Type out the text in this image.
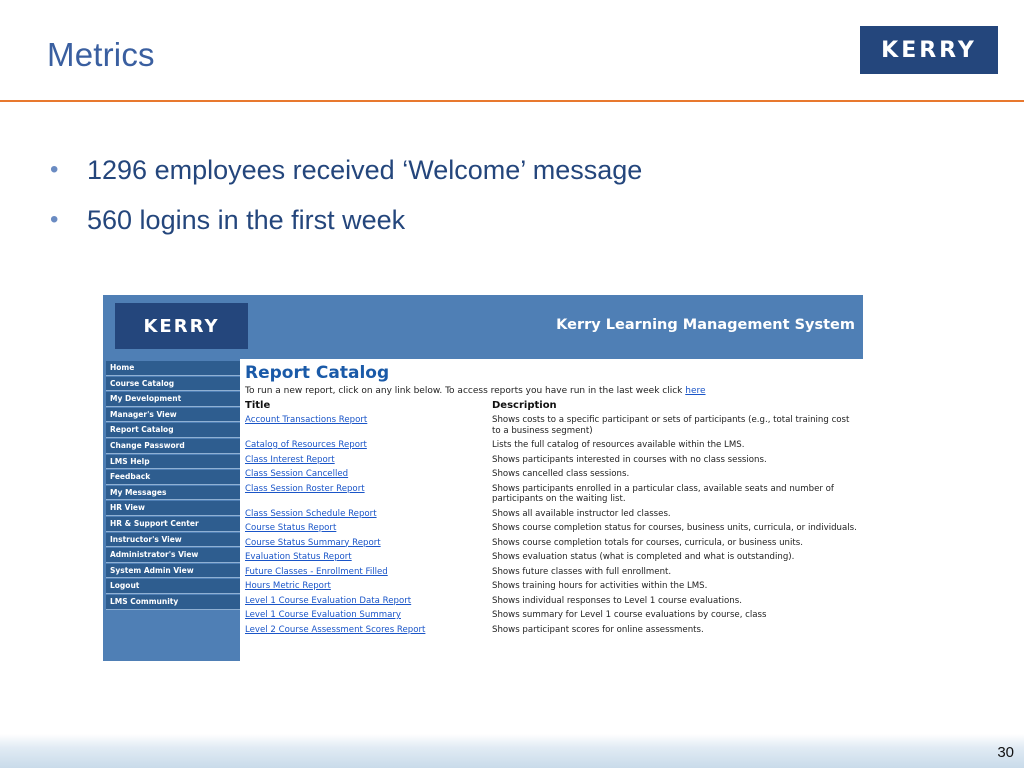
Metrics	KERRY
• 1296 employees received ‘Welcome’ message
• 560 logins in the first week
KERRY	Kerry Learning Management System
Home
Course Catalog
My Development
Manager's View
Report Catalog
Change Password
LMS Help
Feedback
My Messages
HR View
HR & Support Center
Instructor's View
Administrator's View
System Admin View
Logout
LMS Community
Report Catalog
To run a new report, click on any link below. To access reports you have run in the last week click here
Title	Description
Account Transactions Report	Shows costs to a specific participant or sets of participants (e.g., total training cost to a business segment)
Catalog of Resources Report	Lists the full catalog of resources available within the LMS.
Class Interest Report	Shows participants interested in courses with no class sessions.
Class Session Cancelled	Shows cancelled class sessions.
Class Session Roster Report	Shows participants enrolled in a particular class, available seats and number of participants on the waiting list.
Class Session Schedule Report	Shows all available instructor led classes.
Course Status Report	Shows course completion status for courses, business units, curricula, or individuals.
Course Status Summary Report	Shows course completion totals for courses, curricula, or business units.
Evaluation Status Report	Shows evaluation status (what is completed and what is outstanding).
Future Classes - Enrollment Filled	Shows future classes with full enrollment.
Hours Metric Report	Shows training hours for activities within the LMS.
Level 1 Course Evaluation Data Report	Shows individual responses to Level 1 course evaluations.
Level 1 Course Evaluation Summary	Shows summary for Level 1 course evaluations by course, class
Level 2 Course Assessment Scores Report	Shows participant scores for online assessments.
30
